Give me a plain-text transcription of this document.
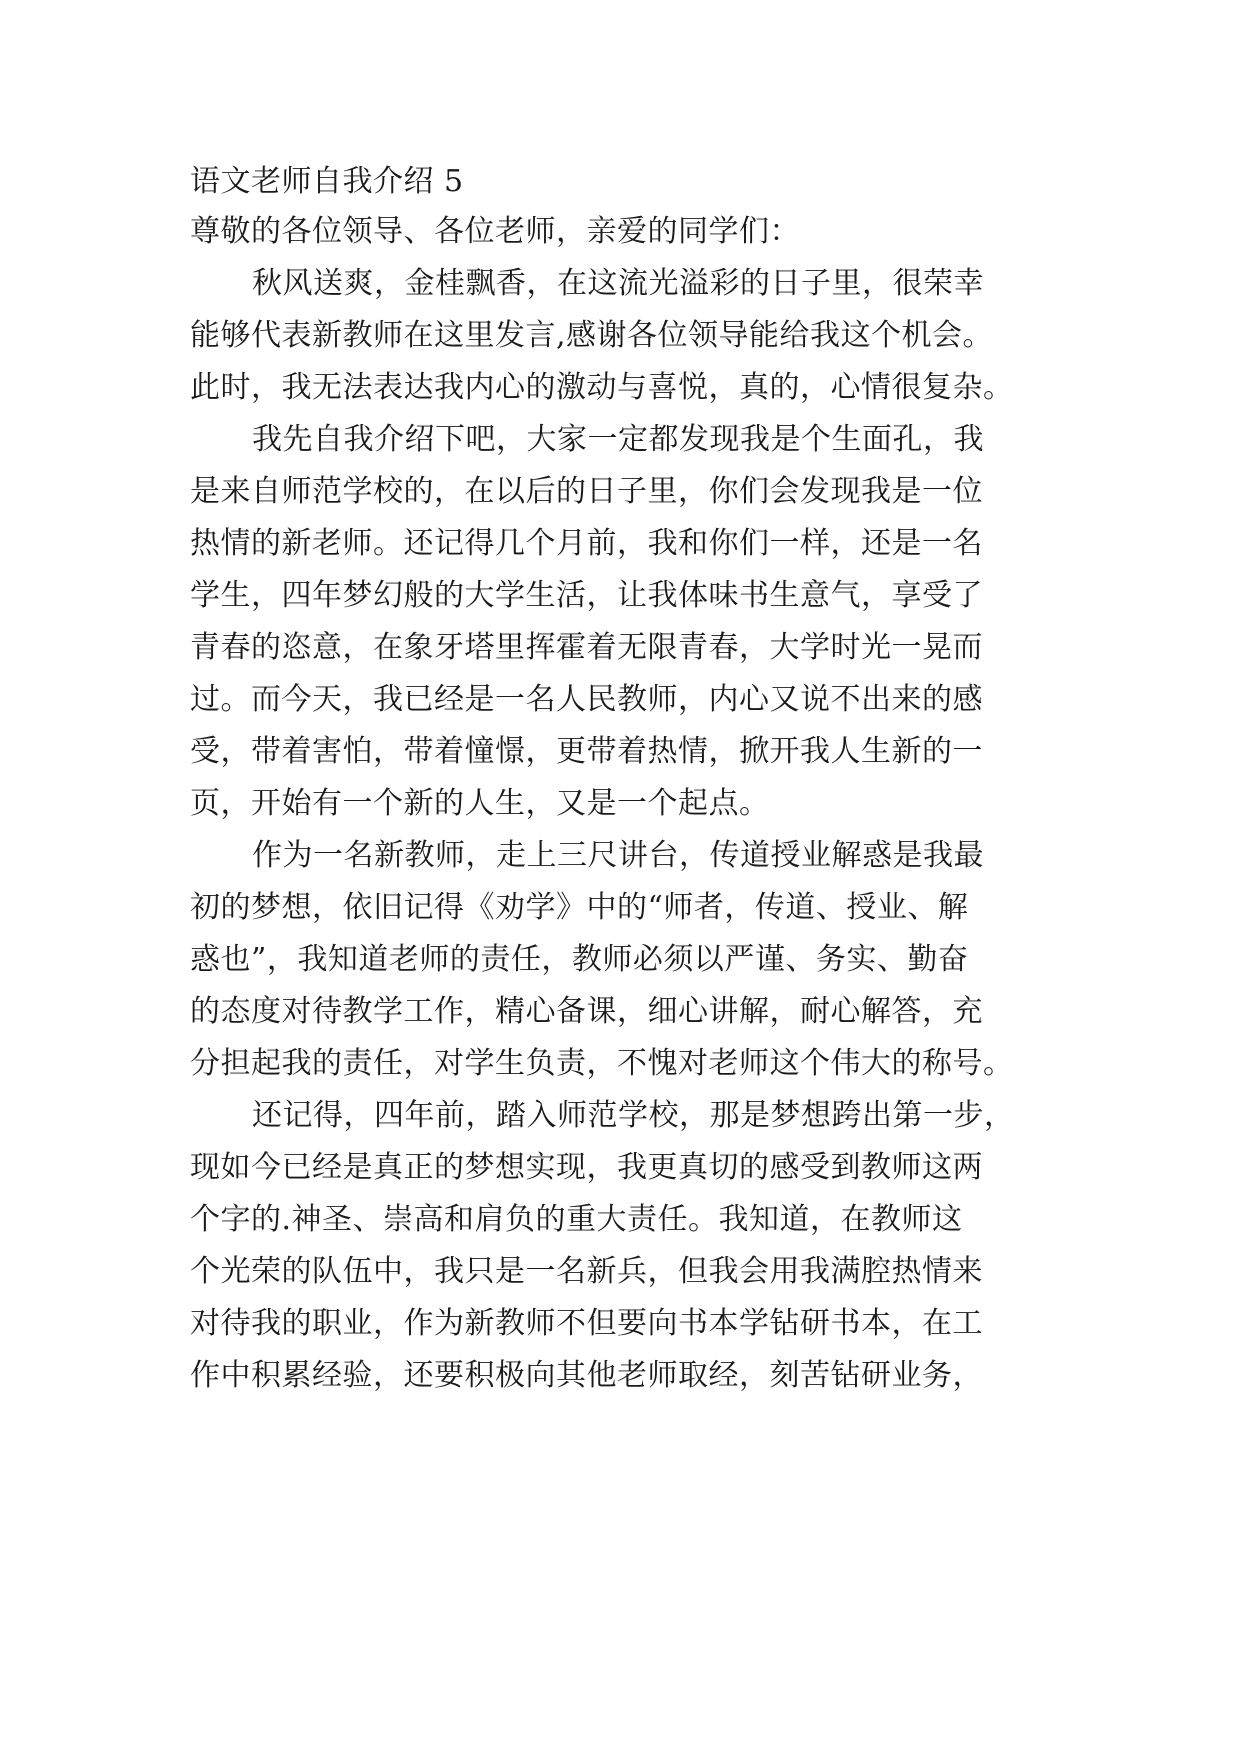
语文老师自我介绍 5
尊敬的各位领导、各位老师，亲爱的同学们：
秋风送爽，金桂飘香，在这流光溢彩的日子里，很荣幸
能够代表新教师在这里发言,感谢各位领导能给我这个机会。
此时，我无法表达我内心的激动与喜悦，真的，心情很复杂。
我先自我介绍下吧，大家一定都发现我是个生面孔，我
是来自师范学校的，在以后的日子里，你们会发现我是一位
热情的新老师。还记得几个月前，我和你们一样，还是一名
学生，四年梦幻般的大学生活，让我体味书生意气，享受了
青春的恣意，在象牙塔里挥霍着无限青春，大学时光一晃而
过。而今天，我已经是一名人民教师，内心又说不出来的感
受，带着害怕，带着憧憬，更带着热情，掀开我人生新的一
页，开始有一个新的人生，又是一个起点。
作为一名新教师，走上三尺讲台，传道授业解惑是我最
初的梦想，依旧记得《劝学》中的“师者，传道、授业、解
惑也”，我知道老师的责任，教师必须以严谨、务实、勤奋
的态度对待教学工作，精心备课，细心讲解，耐心解答，充
分担起我的责任，对学生负责，不愧对老师这个伟大的称号。
还记得，四年前，踏入师范学校，那是梦想跨出第一步，
现如今已经是真正的梦想实现，我更真切的感受到教师这两
个字的.神圣、崇高和肩负的重大责任。我知道，在教师这
个光荣的队伍中，我只是一名新兵，但我会用我满腔热情来
对待我的职业，作为新教师不但要向书本学钻研书本，在工
作中积累经验，还要积极向其他老师取经，刻苦钻研业务，
